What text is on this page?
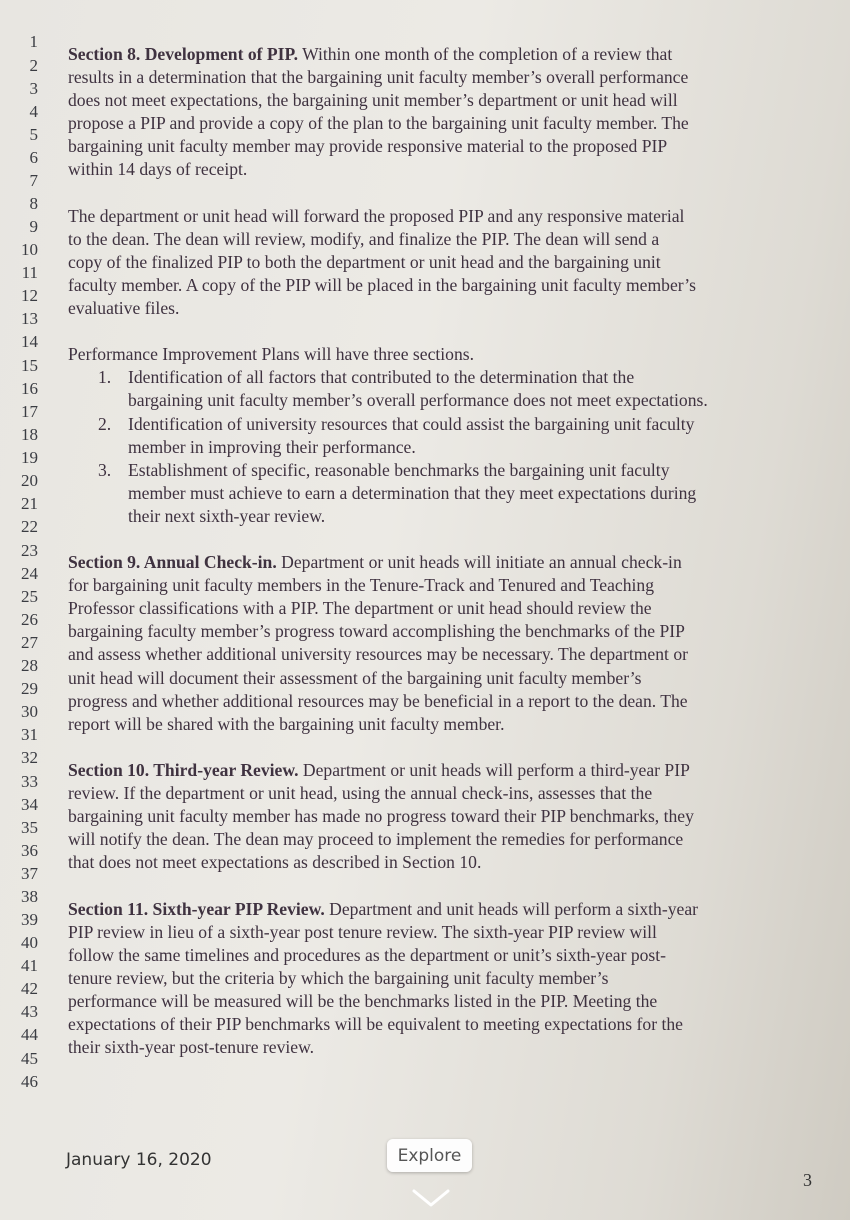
1
2
3
4
5
6
7
8
9
10
11
12
13
14
15
16
17
18
19
20
21
22
23
24
25
26
27
28
29
30
31
32
33
34
35
36
37
38
39
40
41
42
43
44
45
46
Section 8. Development of PIP. Within one month of the completion of a review that
results in a determination that the bargaining unit faculty member’s overall performance
does not meet expectations, the bargaining unit member’s department or unit head will
propose a PIP and provide a copy of the plan to the bargaining unit faculty member. The
bargaining unit faculty member may provide responsive material to the proposed PIP
within 14 days of receipt.
The department or unit head will forward the proposed PIP and any responsive material
to the dean. The dean will review, modify, and finalize the PIP. The dean will send a
copy of the finalized PIP to both the department or unit head and the bargaining unit
faculty member. A copy of the PIP will be placed in the bargaining unit faculty member’s
evaluative files.
Performance Improvement Plans will have three sections.
1. Identification of all factors that contributed to the determination that the
bargaining unit faculty member’s overall performance does not meet expectations.
2. Identification of university resources that could assist the bargaining unit faculty
member in improving their performance.
3. Establishment of specific, reasonable benchmarks the bargaining unit faculty
member must achieve to earn a determination that they meet expectations during
their next sixth-year review.
Section 9. Annual Check-in. Department or unit heads will initiate an annual check-in
for bargaining unit faculty members in the Tenure-Track and Tenured and Teaching
Professor classifications with a PIP. The department or unit head should review the
bargaining faculty member’s progress toward accomplishing the benchmarks of the PIP
and assess whether additional university resources may be necessary. The department or
unit head will document their assessment of the bargaining unit faculty member’s
progress and whether additional resources may be beneficial in a report to the dean. The
report will be shared with the bargaining unit faculty member.
Section 10. Third-year Review. Department or unit heads will perform a third-year PIP
review. If the department or unit head, using the annual check-ins, assesses that the
bargaining unit faculty member has made no progress toward their PIP benchmarks, they
will notify the dean. The dean may proceed to implement the remedies for performance
that does not meet expectations as described in Section 10.
Section 11. Sixth-year PIP Review. Department and unit heads will perform a sixth-year
PIP review in lieu of a sixth-year post tenure review. The sixth-year PIP review will
follow the same timelines and procedures as the department or unit’s sixth-year post-
tenure review, but the criteria by which the bargaining unit faculty member’s
performance will be measured will be the benchmarks listed in the PIP. Meeting the
expectations of their PIP benchmarks will be equivalent to meeting expectations for the
their sixth-year post-tenure review.
January 16, 2020
3
Explore
